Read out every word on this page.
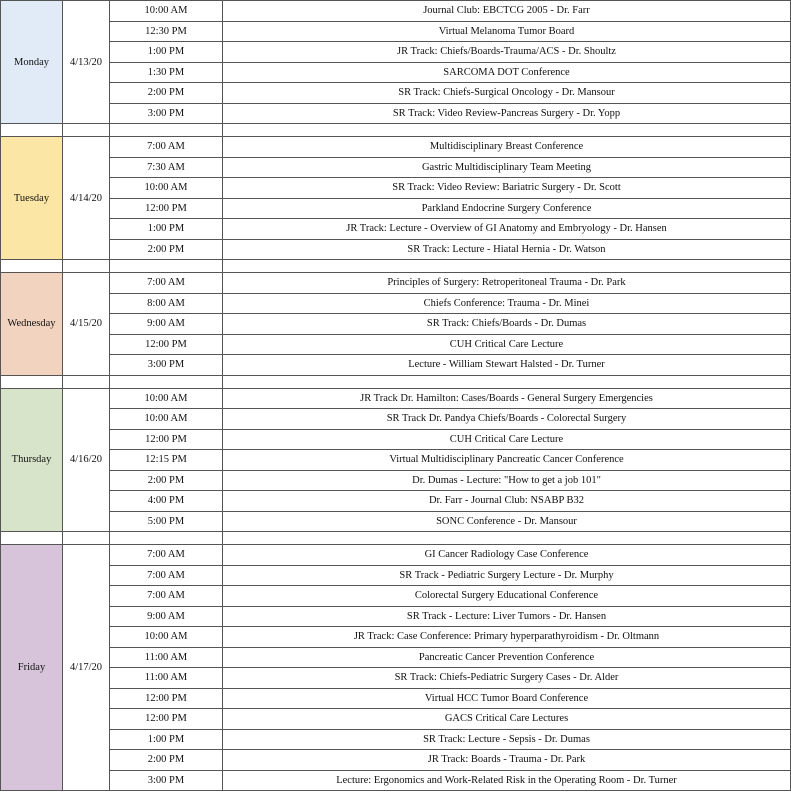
Monday	4/13/20	10:00 AM	Journal Club: EBCTCG 2005 - Dr. Farr
		12:30 PM	Virtual Melanoma Tumor Board
		1:00 PM	JR Track: Chiefs/Boards-Trauma/ACS - Dr. Shoultz
		1:30 PM	SARCOMA DOT Conference
		2:00 PM	SR Track: Chiefs-Surgical Oncology - Dr. Mansour
		3:00 PM	SR Track: Video Review-Pancreas Surgery - Dr. Yopp

Tuesday	4/14/20	7:00 AM	Multidisciplinary Breast Conference
		7:30 AM	Gastric Multidisciplinary Team Meeting
		10:00 AM	SR Track: Video Review: Bariatric Surgery - Dr. Scott
		12:00 PM	Parkland Endocrine Surgery Conference
		1:00 PM	JR Track: Lecture - Overview of GI Anatomy and Embryology - Dr. Hansen
		2:00 PM	SR Track: Lecture - Hiatal Hernia - Dr. Watson

Wednesday	4/15/20	7:00 AM	Principles of Surgery: Retroperitoneal Trauma - Dr. Park
		8:00 AM	Chiefs Conference: Trauma - Dr. Minei
		9:00 AM	SR Track: Chiefs/Boards - Dr. Dumas
		12:00 PM	CUH Critical Care Lecture
		3:00 PM	Lecture - William Stewart Halsted - Dr. Turner

Thursday	4/16/20	10:00 AM	JR Track Dr. Hamilton: Cases/Boards - General Surgery Emergencies
		10:00 AM	SR Track Dr. Pandya Chiefs/Boards - Colorectal Surgery
		12:00 PM	CUH Critical Care Lecture
		12:15 PM	Virtual Multidisciplinary Pancreatic Cancer Conference
		2:00 PM	Dr. Dumas - Lecture: "How to get a job 101"
		4:00 PM	Dr. Farr - Journal Club: NSABP B32
		5:00 PM	SONC Conference - Dr. Mansour

Friday	4/17/20	7:00 AM	GI Cancer Radiology Case Conference
		7:00 AM	SR Track - Pediatric Surgery Lecture - Dr. Murphy
		7:00 AM	Colorectal Surgery Educational Conference
		9:00 AM	SR Track - Lecture: Liver Tumors - Dr. Hansen
		10:00 AM	JR Track: Case Conference: Primary hyperparathyroidism - Dr. Oltmann
		11:00 AM	Pancreatic Cancer Prevention Conference
		11:00 AM	SR Track: Chiefs-Pediatric Surgery Cases - Dr. Alder
		12:00 PM	Virtual HCC Tumor Board Conference
		12:00 PM	GACS Critical Care Lectures
		1:00 PM	SR Track: Lecture - Sepsis - Dr. Dumas
		2:00 PM	JR Track: Boards - Trauma - Dr. Park
		3:00 PM	Lecture: Ergonomics and Work-Related Risk in the Operating Room - Dr. Turner
